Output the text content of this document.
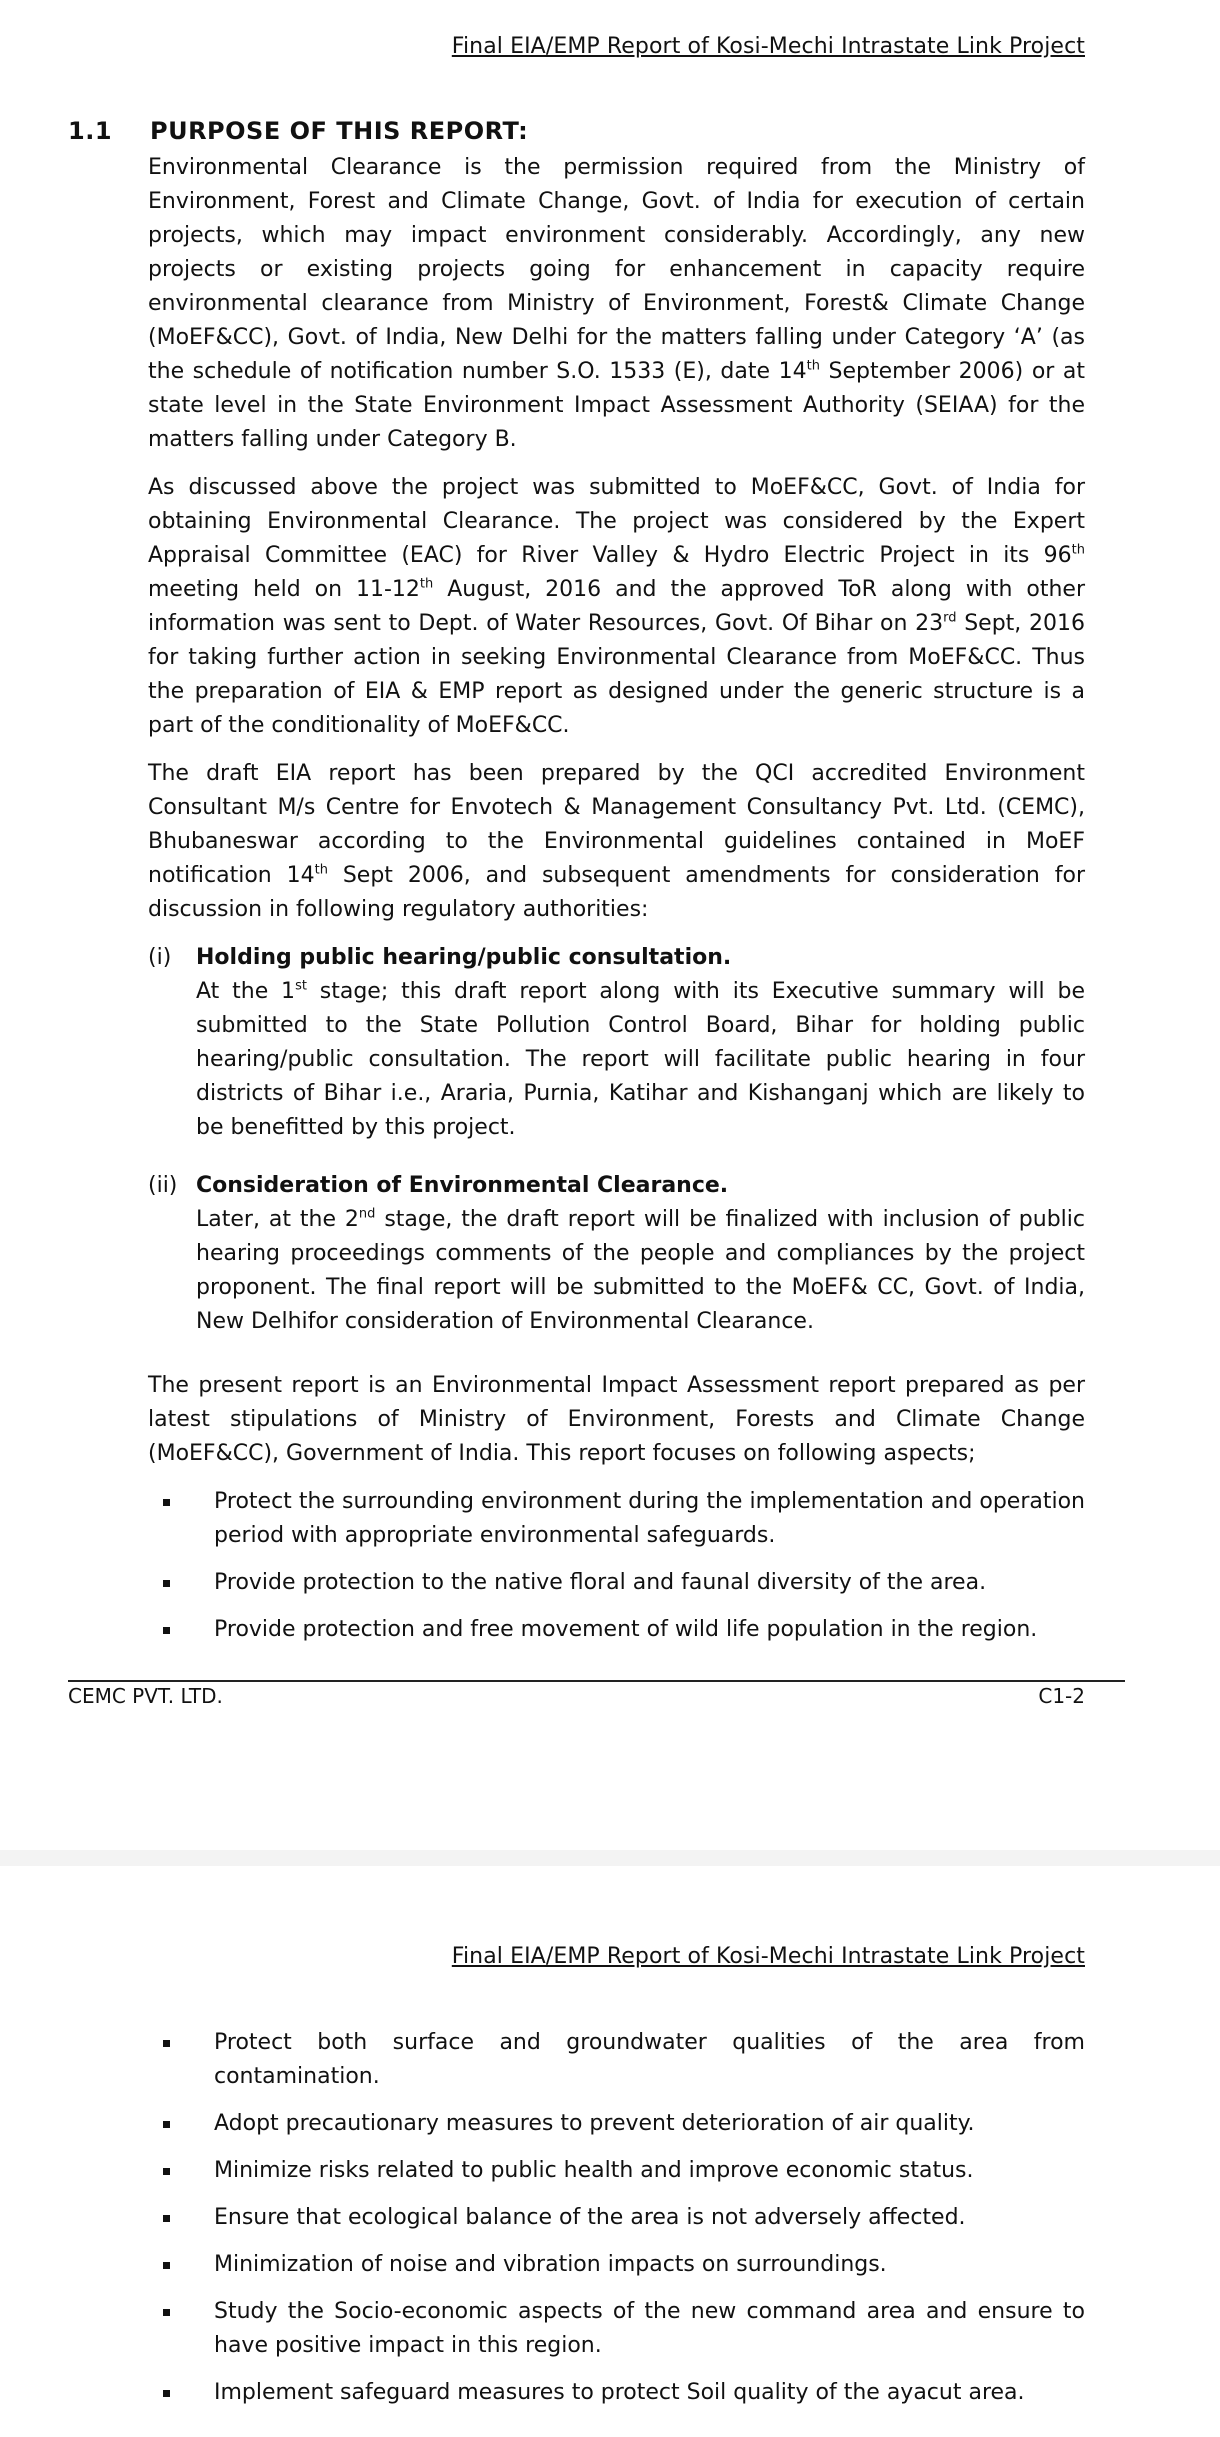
Final EIA/EMP Report of Kosi-Mechi Intrastate Link Project
1.1 PURPOSE OF THIS REPORT:

Environmental Clearance is the permission required from the Ministry of Environment, Forest and Climate Change, Govt. of India for execution of certain projects, which may impact environment considerably. Accordingly, any new projects or existing projects going for enhancement in capacity require environmental clearance from Ministry of Environment, Forest& Climate Change (MoEF&CC), Govt. of India, New Delhi for the matters falling under Category ‘A’ (as the schedule of notification number S.O. 1533 (E), date 14th September 2006) or at state level in the State Environment Impact Assessment Authority (SEIAA) for the matters falling under Category B.

As discussed above the project was submitted to MoEF&CC, Govt. of India for obtaining Environmental Clearance. The project was considered by the Expert Appraisal Committee (EAC) for River Valley & Hydro Electric Project in its 96th meeting held on 11-12th August, 2016 and the approved ToR along with other information was sent to Dept. of Water Resources, Govt. Of Bihar on 23rd Sept, 2016 for taking further action in seeking Environmental Clearance from MoEF&CC. Thus the preparation of EIA & EMP report as designed under the generic structure is a part of the conditionality of MoEF&CC.

The draft EIA report has been prepared by the QCI accredited Environment Consultant M/s Centre for Envotech & Management Consultancy Pvt. Ltd. (CEMC), Bhubaneswar according to the Environmental guidelines contained in MoEF notification 14th Sept 2006, and subsequent amendments for consideration for discussion in following regulatory authorities:

(i) Holding public hearing/public consultation.
At the 1st stage; this draft report along with its Executive summary will be submitted to the State Pollution Control Board, Bihar for holding public hearing/public consultation. The report will facilitate public hearing in four districts of Bihar i.e., Araria, Purnia, Katihar and Kishanganj which are likely to be benefitted by this project.
(ii) Consideration of Environmental Clearance.
Later, at the 2nd stage, the draft report will be finalized with inclusion of public hearing proceedings comments of the people and compliances by the project proponent. The final report will be submitted to the MoEF& CC, Govt. of India, New Delhifor consideration of Environmental Clearance.

The present report is an Environmental Impact Assessment report prepared as per latest stipulations of Ministry of Environment, Forests and Climate Change (MoEF&CC), Government of India. This report focuses on following aspects;

Protect the surrounding environment during the implementation and operation period with appropriate environmental safeguards.
Provide protection to the native floral and faunal diversity of the area.
Provide protection and free movement of wild life population in the region.
CEMC PVT. LTD.	C1-2
Final EIA/EMP Report of Kosi-Mechi Intrastate Link Project
Protect both surface and groundwater qualities of the area from contamination.
Adopt precautionary measures to prevent deterioration of air quality.
Minimize risks related to public health and improve economic status.
Ensure that ecological balance of the area is not adversely affected.
Minimization of noise and vibration impacts on surroundings.
Study the Socio-economic aspects of the new command area and ensure to have positive impact in this region.
Implement safeguard measures to protect Soil quality of the ayacut area.
